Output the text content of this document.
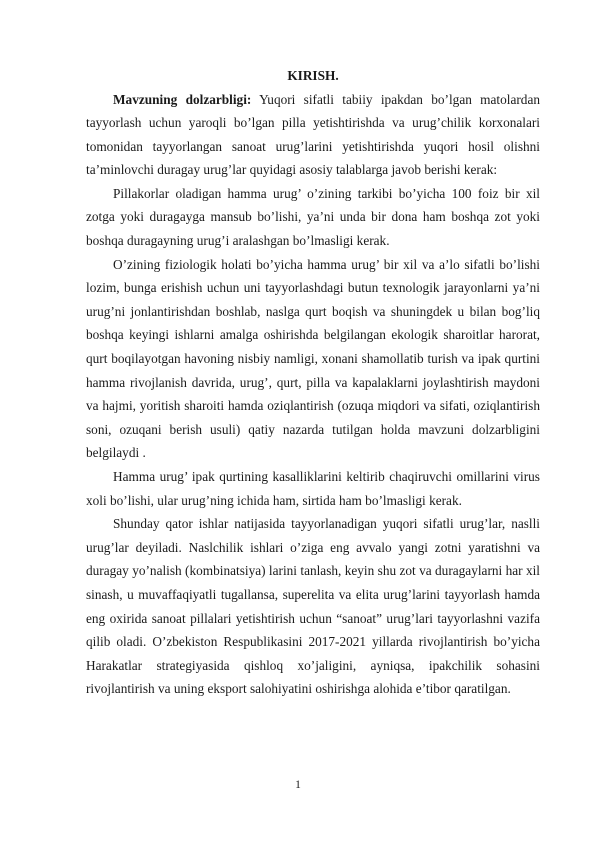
KIRISH.

Mavzuning dolzarbligi: Yuqori sifatli tabiiy ipakdan bo’lgan matolardan tayyorlash uchun yaroqli bo’lgan pilla yetishtirishda va urug’chilik korxonalari tomonidan tayyorlangan sanoat urug’larini yetishtirishda yuqori hosil olishni ta’minlovchi duragay urug’lar quyidagi asosiy talablarga javob berishi kerak:

Pillakorlar oladigan hamma urug’ o’zining tarkibi bo’yicha 100 foiz bir xil zotga yoki duragayga mansub bo’lishi, ya’ni unda bir dona ham boshqa zot yoki boshqa duragayning urug’i aralashgan bo’lmasligi kerak.

O’zining fiziologik holati bo’yicha hamma urug’ bir xil va a’lo sifatli bo’lishi lozim, bunga erishish uchun uni tayyorlashdagi butun texnologik jarayonlarni ya’ni urug’ni jonlantirishdan boshlab, naslga qurt boqish va shuningdek u bilan bog’liq boshqa keyingi ishlarni amalga oshirishda belgilangan ekologik sharoitlar harorat, qurt boqilayotgan havoning nisbiy namligi, xonani shamollatib turish va ipak qurtini hamma rivojlanish davrida, urug’, qurt, pilla va kapalaklarni joylashtirish maydoni va hajmi, yoritish sharoiti hamda oziqlantirish (ozuqa miqdori va sifati, oziqlantirish soni, ozuqani berish usuli) qatiy nazarda tutilgan holda mavzuni dolzarbligini belgilaydi .

Hamma urug’ ipak qurtining kasalliklarini keltirib chaqiruvchi omillarini virus xoli bo’lishi, ular urug’ning ichida ham, sirtida ham bo’lmasligi kerak.

Shunday qator ishlar natijasida tayyorlanadigan yuqori sifatli urug’lar, naslli urug’lar deyiladi. Naslchilik ishlari o’ziga eng avvalo yangi zotni yaratishni va duragay yo’nalish (kombinatsiya) larini tanlash, keyin shu zot va duragaylarni har xil sinash, u muvaffaqiyatli tugallansa, superelita va elita urug’larini tayyorlash hamda eng oxirida sanoat pillalari yetishtirish uchun “sanoat” urug’lari tayyorlashni vazifa qilib oladi. O’zbekiston Respublikasini 2017-2021 yillarda rivojlantirish bo’yicha Harakatlar strategiyasida qishloq xo’jaligini, ayniqsa, ipakchilik sohasini rivojlantirish va uning eksport salohiyatini oshirishga alohida e’tibor qaratilgan.

1
